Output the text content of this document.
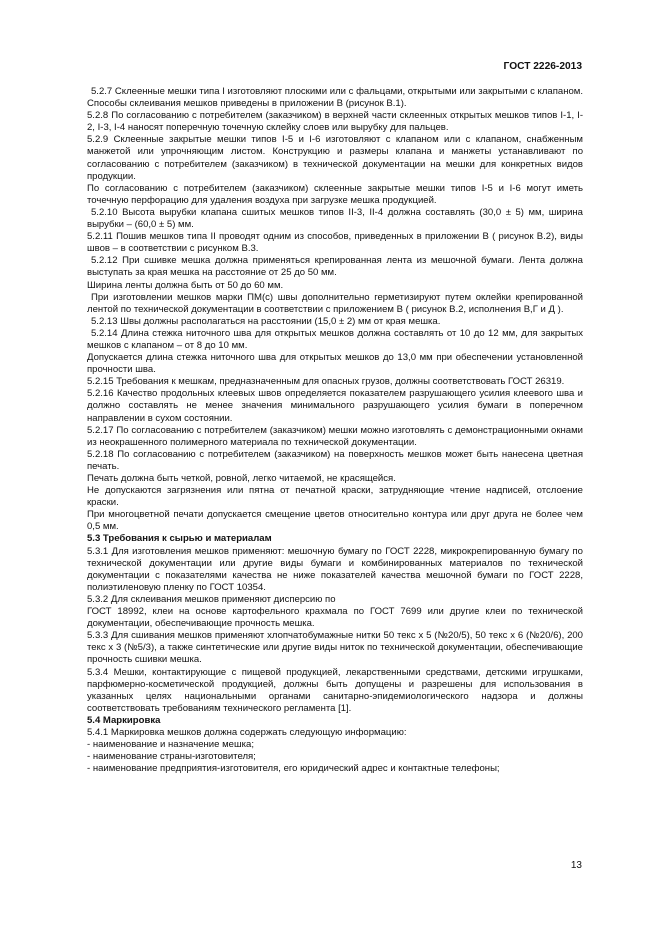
ГОСТ 2226-2013

5.2.7 Склеенные мешки типа I изготовляют плоскими или с фальцами, открытыми или закрытыми с клапаном. Способы склеивания мешков приведены в приложении В (рисунок В.1).

5.2.8 По согласованию с потребителем (заказчиком) в верхней части склеенных открытых мешков типов I-1, I-2, I-3, I-4 наносят поперечную точечную склейку слоев или вырубку для пальцев.

5.2.9 Склеенные закрытые мешки типов I-5 и I-6 изготовляют с клапаном или с клапаном, снабженным манжетой или упрочняющим листом. Конструкцию и размеры клапана и манжеты устанавливают по согласованию с потребителем (заказчиком) в технической документации на мешки для конкретных видов продукции.

По согласованию с потребителем (заказчиком) склеенные закрытые мешки типов I-5 и I-6 могут иметь точечную перфорацию для удаления воздуха при загрузке мешка продукцией.

5.2.10 Высота вырубки клапана сшитых мешков типов II-3, II-4 должна составлять (30,0 ± 5) мм, ширина вырубки – (60,0 ± 5) мм.

5.2.11 Пошив мешков типа II проводят одним из способов, приведенных в приложении В ( рисунок В.2), виды швов – в соответствии с рисунком В.3.

5.2.12 При сшивке мешка должна применяться крепированная лента из мешочной бумаги. Лента должна выступать за края мешка на расстояние от 25 до 50 мм.

Ширина ленты должна быть от 50 до 60 мм.

При изготовлении мешков марки ПМ(с) швы дополнительно герметизируют путем оклейки крепированной лентой по технической документации в соответствии с приложением В ( рисунок В.2, исполнения В,Г и Д ).

5.2.13 Швы должны располагаться на расстоянии (15,0 ± 2) мм от края мешка.

5.2.14 Длина стежка ниточного шва для открытых мешков должна составлять от 10 до 12 мм, для закрытых мешков с клапаном – от 8 до 10 мм.

Допускается длина стежка ниточного шва для открытых мешков до 13,0 мм при обеспечении установленной прочности шва.

5.2.15 Требования к мешкам, предназначенным для опасных грузов, должны соответствовать ГОСТ 26319.

5.2.16 Качество продольных клеевых швов определяется показателем разрушающего усилия клеевого шва и должно составлять не менее значения минимального разрушающего усилия бумаги в поперечном направлении в сухом состоянии.

5.2.17 По согласованию с потребителем (заказчиком) мешки можно изготовлять с демонстрационными окнами из неокрашенного полимерного материала по технической документации.

5.2.18 По согласованию с потребителем (заказчиком) на поверхность мешков может быть нанесена цветная печать.

Печать должна быть четкой, ровной, легко читаемой, не красящейся.

Не допускаются загрязнения или пятна от печатной краски, затрудняющие чтение надписей, отслоение краски.

При многоцветной печати допускается смещение цветов относительно контура или друг друга не более чем 0,5 мм.

5.3 Требования к сырью и материалам

5.3.1 Для изготовления мешков применяют: мешочную бумагу по ГОСТ 2228, микрокрепированную бумагу по технической документации или другие виды бумаги и комбинированных материалов по технической документации с показателями качества не ниже показателей качества мешочной бумаги по ГОСТ 2228, полиэтиленовую пленку по ГОСТ 10354.

5.3.2 Для склеивания мешков применяют дисперсию по

ГОСТ 18992, клеи на основе картофельного крахмала по ГОСТ 7699 или другие клеи по технической документации, обеспечивающие прочность мешка.

5.3.3 Для сшивания мешков применяют хлопчатобумажные нитки 50 текс х 5 (№20/5), 50 текс х 6 (№20/6), 200 текс х 3 (№5/3), а также синтетические или другие виды ниток по технической документации, обеспечивающие прочность сшивки мешка.

5.3.4 Мешки, контактирующие с пищевой продукцией, лекарственными средствами, детскими игрушками, парфюмерно-косметической продукцией, должны быть допущены и разрешены для использования в указанных целях национальными органами санитарно-эпидемиологического надзора и должны соответствовать требованиям технического регламента [1].

5.4 Маркировка

5.4.1 Маркировка мешков должна содержать следующую информацию:

- наименование и назначение мешка;

- наименование страны-изготовителя;

- наименование предприятия-изготовителя, его юридический адрес и контактные телефоны;

13
